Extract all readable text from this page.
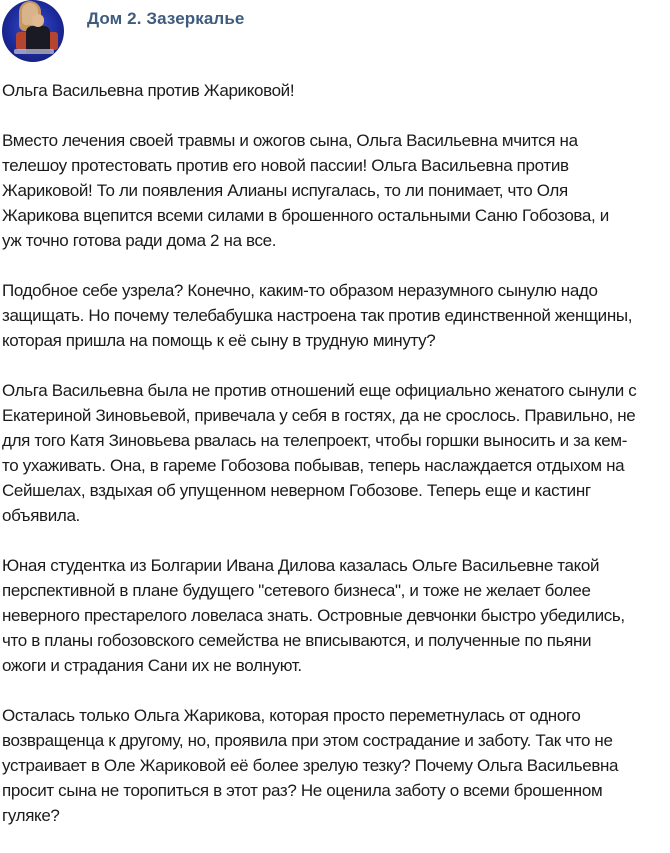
Дом 2. Зазеркалье

Ольга Васильевна против Жариковой!

Вместо лечения своей травмы и ожогов сына, Ольга Васильевна мчится на
телешоу протестовать против его новой пассии! Ольга Васильевна против
Жариковой! То ли появления Алианы испугалась, то ли понимает, что Оля
Жарикова вцепится всеми силами в брошенного остальными Саню Гобозова, и
уж точно готова ради дома 2 на все.

Подобное себе узрела? Конечно, каким-то образом неразумного сынулю надо
защищать. Но почему телебабушка настроена так против единственной женщины,
которая пришла на помощь к её сыну в трудную минуту?

Ольга Васильевна была не против отношений еще официально женатого сынули с
Екатериной Зиновьевой, привечала у себя в гостях, да не срослось. Правильно, не
для того Катя Зиновьева рвалась на телепроект, чтобы горшки выносить и за кем-
то ухаживать. Она, в гареме Гобозова побывав, теперь наслаждается отдыхом на
Сейшелах, вздыхая об упущенном неверном Гобозове. Теперь еще и кастинг
объявила.

Юная студентка из Болгарии Ивана Дилова казалась Ольге Васильевне такой
перспективной в плане будущего "сетевого бизнеса", и тоже не желает более
неверного престарелого ловеласа знать. Островные девчонки быстро убедились,
что в планы гобозовского семейства не вписываются, и полученные по пьяни
ожоги и страдания Сани их не волнуют.

Осталась только Ольга Жарикова, которая просто переметнулась от одного
возвращенца к другому, но, проявила при этом сострадание и заботу. Так что не
устраивает в Оле Жариковой её более зрелую тезку? Почему Ольга Васильевна
просит сына не торопиться в этот раз? Не оценила заботу о всеми брошенном
гуляке?
